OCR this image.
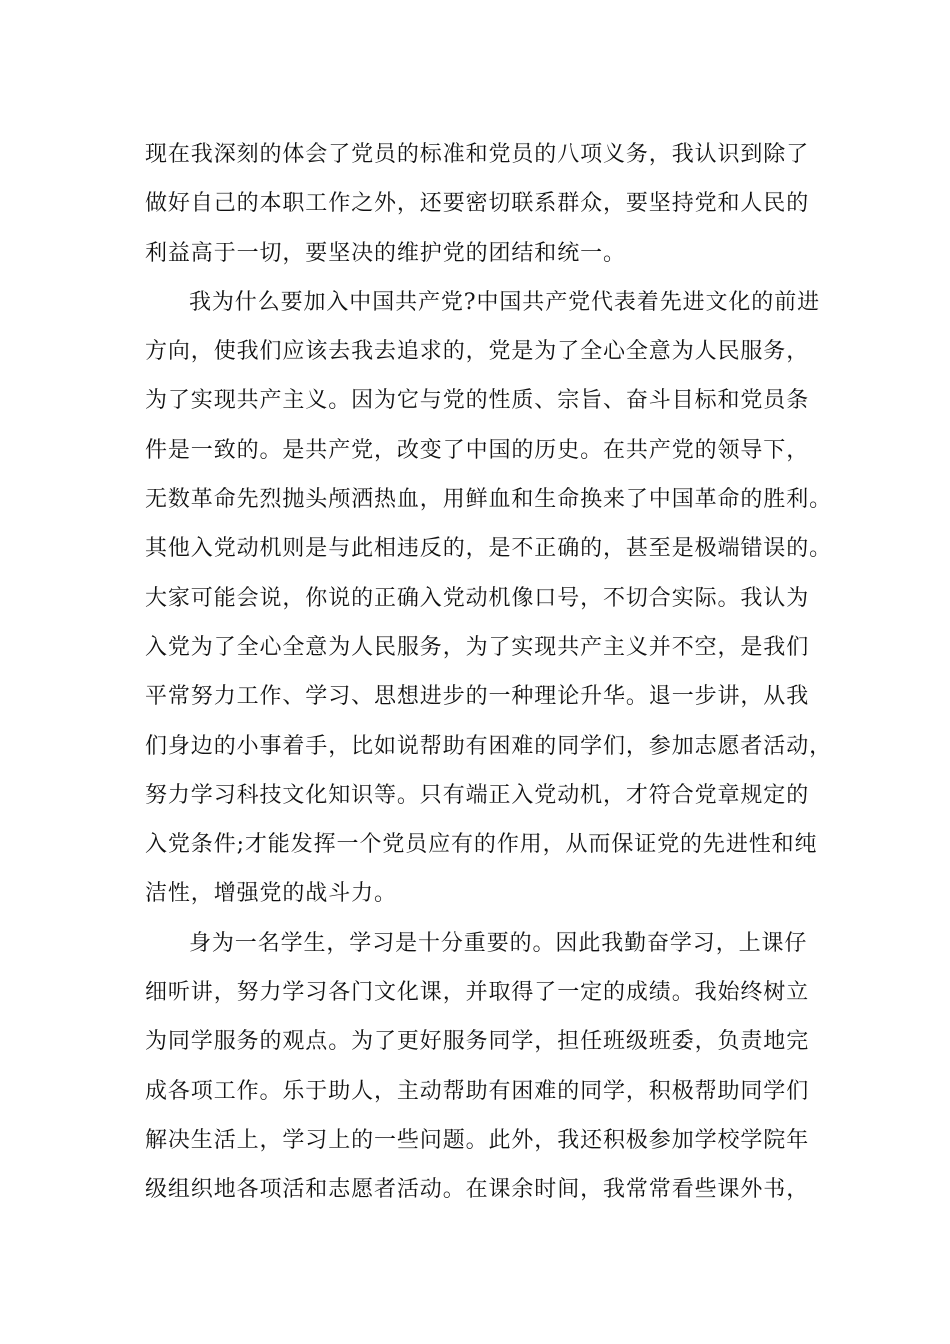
现在我深刻的体会了党员的标准和党员的八项义务，我认识到除了
做好自己的本职工作之外，还要密切联系群众，要坚持党和人民的
利益高于一切，要坚决的维护党的团结和统一。
我为什么要加入中国共产党?中国共产党代表着先进文化的前进
方向，使我们应该去我去追求的，党是为了全心全意为人民服务，
为了实现共产主义。因为它与党的性质、宗旨、奋斗目标和党员条
件是一致的。是共产党，改变了中国的历史。在共产党的领导下，
无数革命先烈抛头颅洒热血，用鲜血和生命换来了中国革命的胜利。
其他入党动机则是与此相违反的，是不正确的，甚至是极端错误的。
大家可能会说，你说的正确入党动机像口号，不切合实际。我认为
入党为了全心全意为人民服务，为了实现共产主义并不空，是我们
平常努力工作、学习、思想进步的一种理论升华。退一步讲，从我
们身边的小事着手，比如说帮助有困难的同学们，参加志愿者活动，
努力学习科技文化知识等。只有端正入党动机，才符合党章规定的
入党条件;才能发挥一个党员应有的作用，从而保证党的先进性和纯
洁性，增强党的战斗力。
身为一名学生，学习是十分重要的。因此我勤奋学习，上课仔
细听讲，努力学习各门文化课，并取得了一定的成绩。我始终树立
为同学服务的观点。为了更好服务同学，担任班级班委，负责地完
成各项工作。乐于助人，主动帮助有困难的同学，积极帮助同学们
解决生活上，学习上的一些问题。此外，我还积极参加学校学院年
级组织地各项活和志愿者活动。在课余时间，我常常看些课外书，
